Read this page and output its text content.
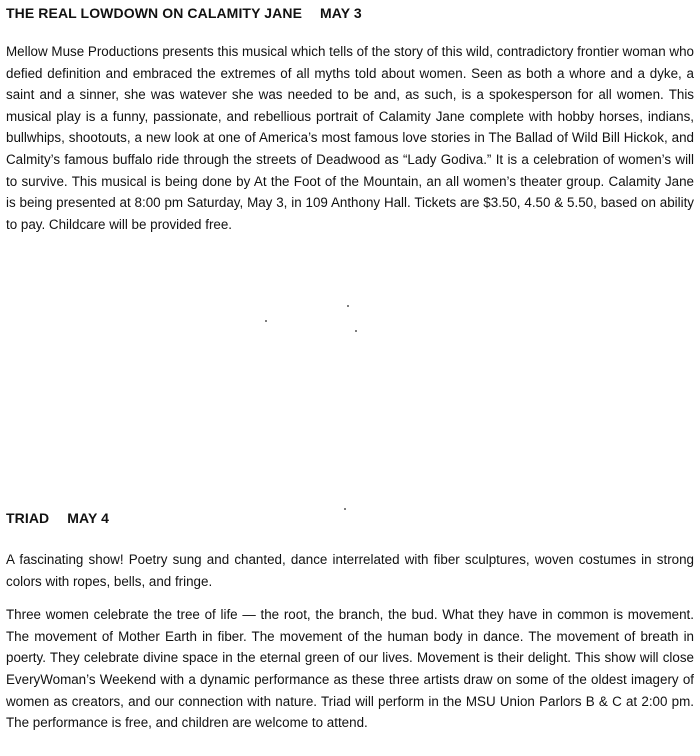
THE REAL LOWDOWN ON CALAMITY JANE MAY 3

Mellow Muse Productions presents this musical which tells of the story of this wild, contradictory frontier woman who defied definition and embraced the extremes of all myths told about women. Seen as both a whore and a dyke, a saint and a sinner, she was watever she was needed to be and, as such, is a spokesperson for all women. This musical play is a funny, passionate, and rebellious portrait of Calamity Jane complete with hobby horses, indians, bullwhips, shootouts, a new look at one of America’s most famous love stories in The Ballad of Wild Bill Hickok, and Calmity’s famous buffalo ride through the streets of Deadwood as “Lady Godiva.” It is a celebration of women’s will to survive. This musical is being done by At the Foot of the Mountain, an all women’s theater group. Calamity Jane is being presented at 8:00 pm Saturday, May 3, in 109 Anthony Hall. Tickets are $3.50, 4.50 & 5.50, based on ability to pay. Childcare will be provided free.

TRIAD MAY 4

A fascinating show! Poetry sung and chanted, dance interrelated with fiber sculptures, woven costumes in strong colors with ropes, bells, and fringe.

Three women celebrate the tree of life — the root, the branch, the bud. What they have in common is movement. The movement of Mother Earth in fiber. The movement of the human body in dance. The movement of breath in poerty. They celebrate divine space in the eternal green of our lives. Movement is their delight. This show will close EveryWoman’s Weekend with a dynamic performance as these three artists draw on some of the oldest imagery of women as creators, and our connection with nature. Triad will perform in the MSU Union Parlors B & C at 2:00 pm. The performance is free, and children are welcome to attend.
